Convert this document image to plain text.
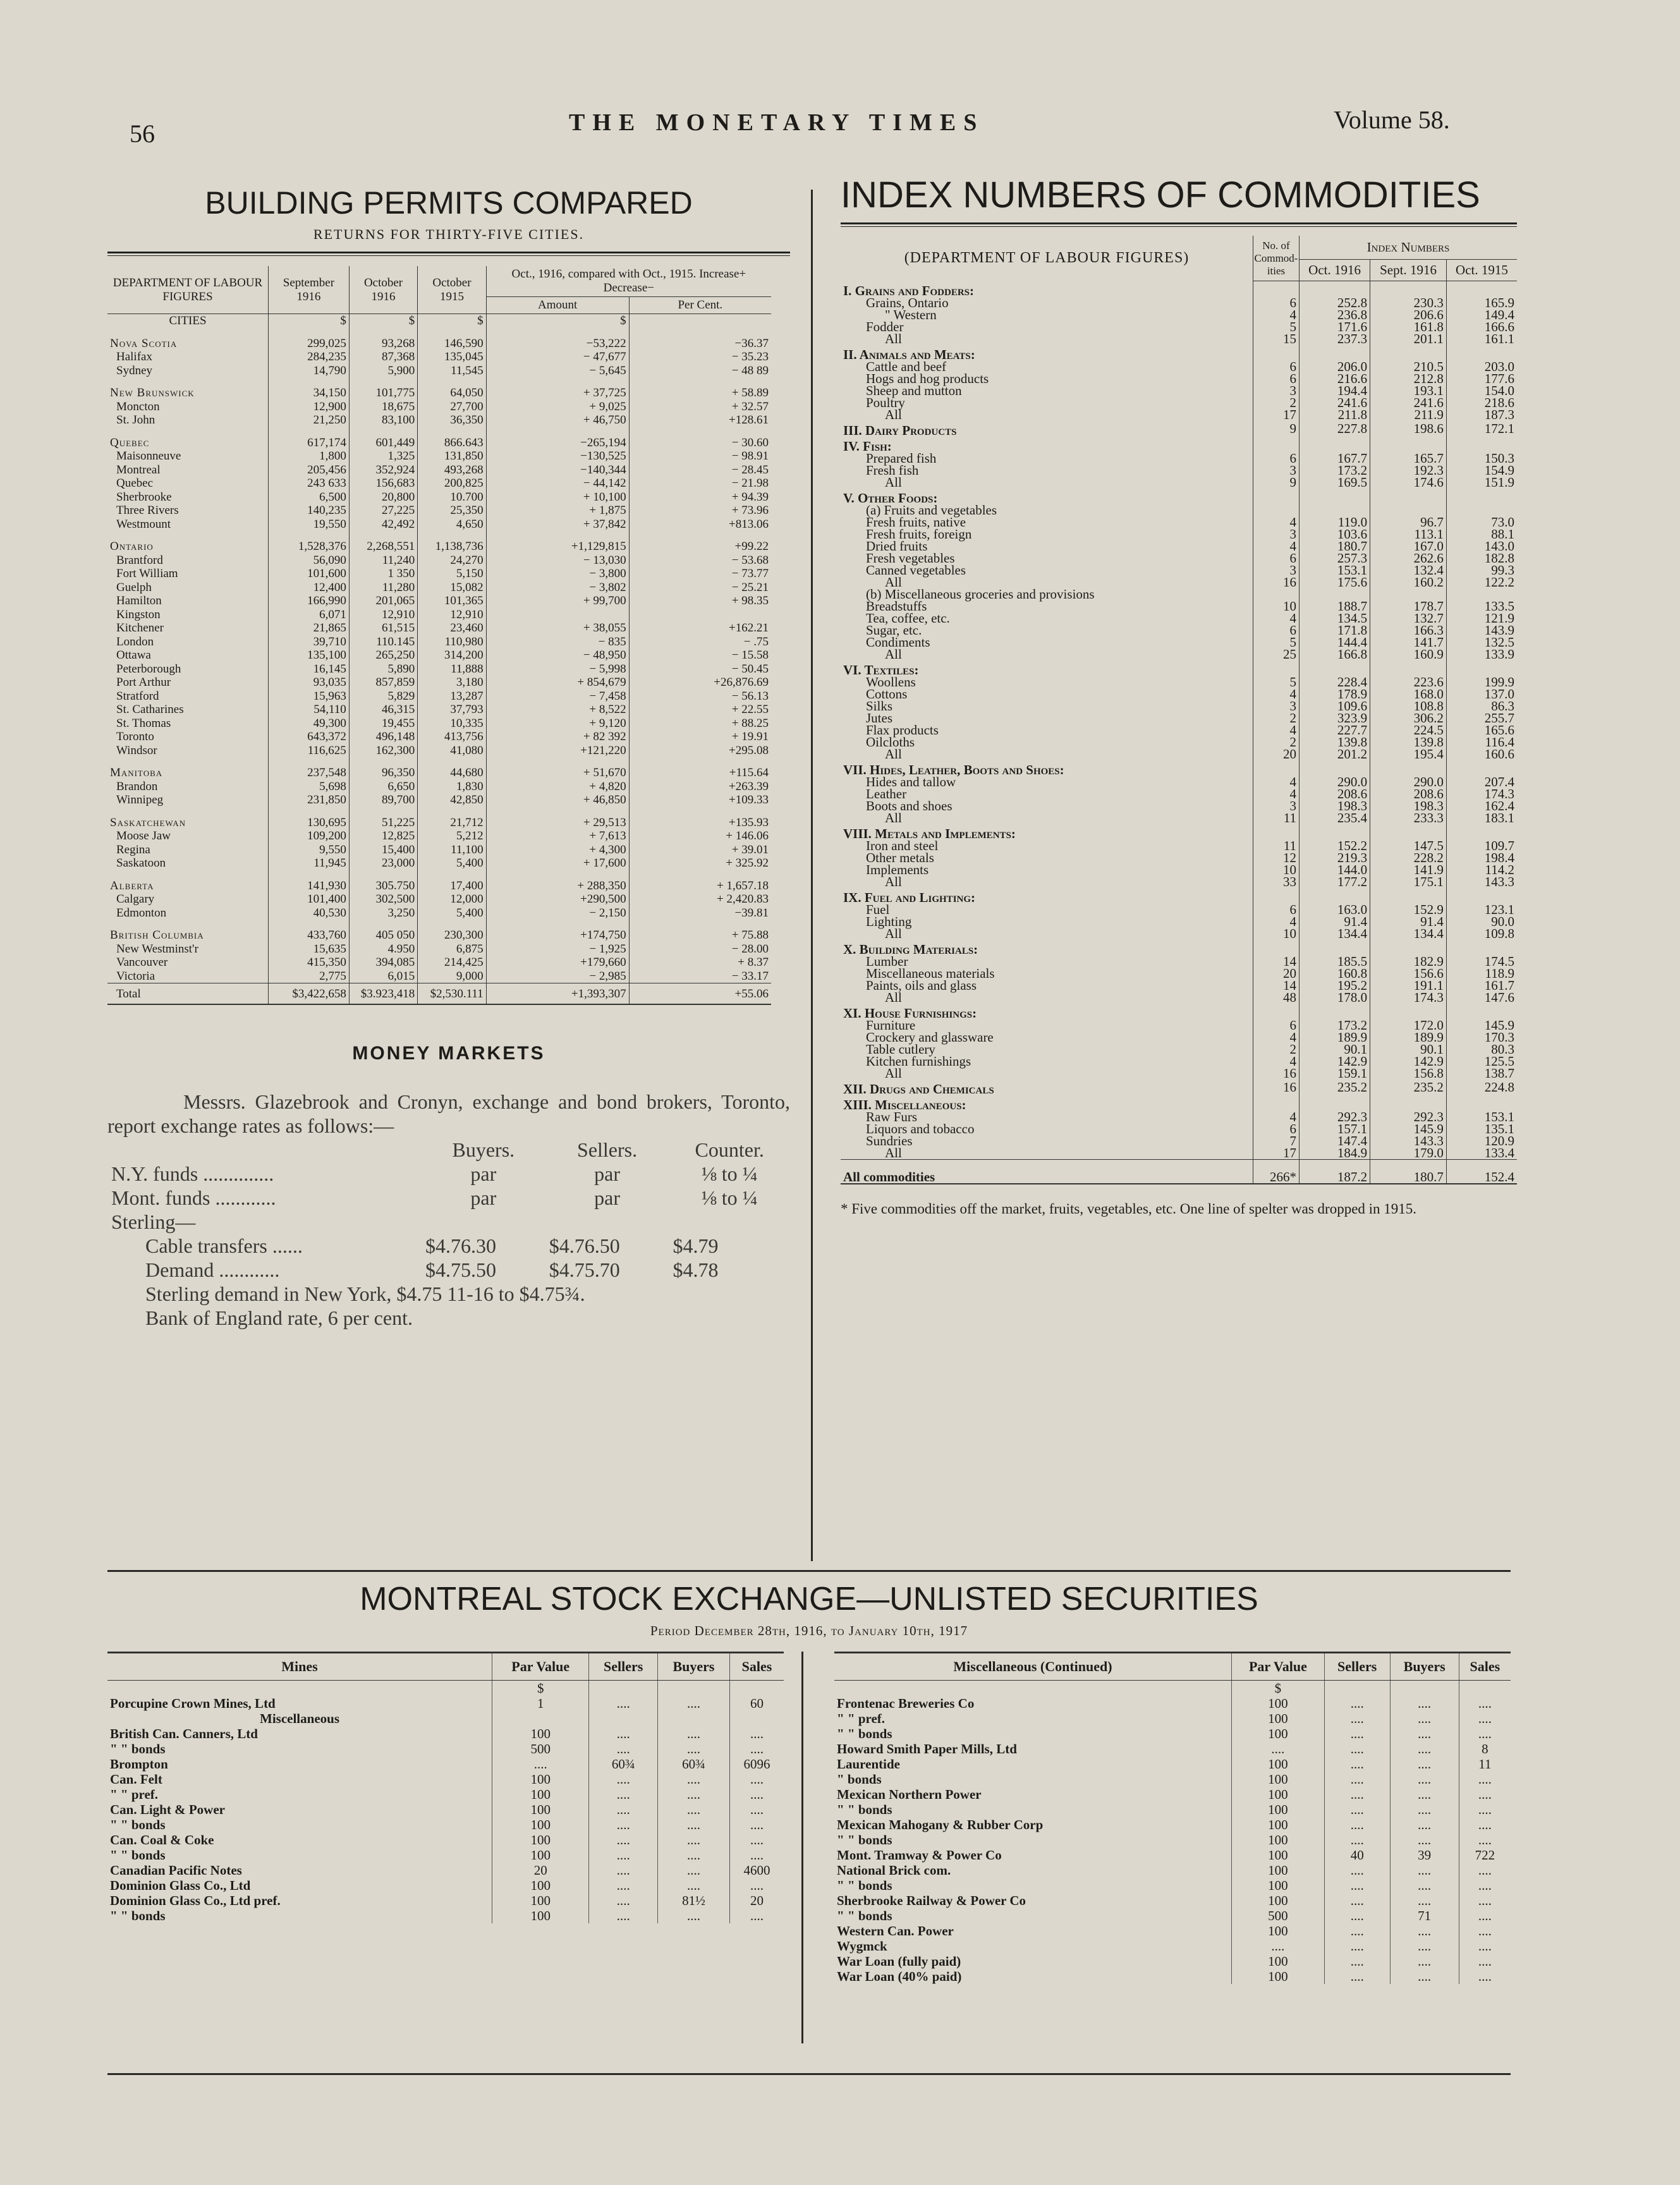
56	THE MONETARY TIMES	Volume 58.
BUILDING PERMITS COMPARED
RETURNS FOR THIRTY-FIVE CITIES.
DEPARTMENT OF LABOUR FIGURES	September 1916	October 1916	October 1915	Oct., 1916, compared with Oct., 1915. Increase+ Decrease−	
				Amount	Per Cent.
CITIES	$	$	$	$	
Nova Scotia	299,025	93,268	146,590	−53,222	−36.37
Halifax	284,235	87,368	135,045	− 47,677	− 35.23
Sydney	14,790	5,900	11,545	− 5,645	− 48 89
New Brunswick	34,150	101,775	64,050	+ 37,725	+ 58.89
Moncton	12,900	18,675	27,700	+ 9,025	+ 32.57
St. John	21,250	83,100	36,350	+ 46,750	+128.61
Quebec	617,174	601,449	866.643	−265,194	− 30.60
Maisonneuve	1,800	1,325	131,850	−130,525	− 98.91
Montreal	205,456	352,924	493,268	−140,344	− 28.45
Quebec	243 633	156,683	200,825	− 44,142	− 21.98
Sherbrooke	6,500	20,800	10.700	+ 10,100	+ 94.39
Three Rivers	140,235	27,225	25,350	+ 1,875	+ 73.96
Westmount	19,550	42,492	4,650	+ 37,842	+813.06
Ontario	1,528,376	2,268,551	1,138,736	+1,129,815	+99.22
Brantford	56,090	11,240	24,270	− 13,030	− 53.68
Fort William	101,600	1 350	5,150	− 3,800	− 73.77
Guelph	12,400	11,280	15,082	− 3,802	− 25.21
Hamilton	166,990	201,065	101,365	+ 99,700	+ 98.35
Kingston	6,071	12,910	12,910		
Kitchener	21,865	61,515	23,460	+ 38,055	+162.21
London	39,710	110.145	110,980	− 835	− .75
Ottawa	135,100	265,250	314,200	− 48,950	− 15.58
Peterborough	16,145	5,890	11,888	− 5,998	− 50.45
Port Arthur	93,035	857,859	3,180	+ 854,679	+26,876.69
Stratford	15,963	5,829	13,287	− 7,458	− 56.13
St. Catharines	54,110	46,315	37,793	+ 8,522	+ 22.55
St. Thomas	49,300	19,455	10,335	+ 9,120	+ 88.25
Toronto	643,372	496,148	413,756	+ 82 392	+ 19.91
Windsor	116,625	162,300	41,080	+121,220	+295.08
Manitoba	237,548	96,350	44,680	+ 51,670	+115.64
Brandon	5,698	6,650	1,830	+ 4,820	+263.39
Winnipeg	231,850	89,700	42,850	+ 46,850	+109.33
Saskatchewan	130,695	51,225	21,712	+ 29,513	+135.93
Moose Jaw	109,200	12,825	5,212	+ 7,613	+ 146.06
Regina	9,550	15,400	11,100	+ 4,300	+ 39.01
Saskatoon	11,945	23,000	5,400	+ 17,600	+ 325.92
Alberta	141,930	305.750	17,400	+ 288,350	+ 1,657.18
Calgary	101,400	302,500	12,000	+290,500	+ 2,420.83
Edmonton	40,530	3,250	5,400	− 2,150	−39.81
British Columbia	433,760	405 050	230,300	+174,750	+ 75.88
New Westminst'r	15,635	4.950	6,875	− 1,925	− 28.00
Vancouver	415,350	394,085	214,425	+179,660	+ 8.37
Victoria	2,775	6,015	9,000	− 2,985	− 33.17
Total	$3,422,658	$3.923,418	$2,530.111	+1,393,307	+55.06
MONEY MARKETS
Messrs. Glazebrook and Cronyn, exchange and bond brokers, Toronto, report exchange rates as follows:—
	Buyers.	Sellers.	Counter.
N.Y. funds ..............	par	par	⅛ to ¼
Mont. funds ............	par	par	⅛ to ¼
Sterling—			
Cable transfers ......	$4.76.30	$4.76.50	$4.79
Demand ............	$4.75.50	$4.75.70	$4.78
Sterling demand in New York, $4.75 11-16 to $4.75¾.
Bank of England rate, 6 per cent.
INDEX NUMBERS OF COMMODITIES
(DEPARTMENT OF LABOUR FIGURES)	No. of Commod-ities	Index Numbers		
		Oct. 1916	Sept. 1916	Oct. 1915
I. Grains and Fodders:				
Grains, Ontario	6	252.8	230.3	165.9
" Western	4	236.8	206.6	149.4
Fodder	5	171.6	161.8	166.6
All	15	237.3	201.1	161.1
II. Animals and Meats:				
Cattle and beef	6	206.0	210.5	203.0
Hogs and hog products	6	216.6	212.8	177.6
Sheep and mutton	3	194.4	193.1	154.0
Poultry	2	241.6	241.6	218.6
All	17	211.8	211.9	187.3
III. Dairy Products	9	227.8	198.6	172.1
IV. Fish:				
Prepared fish	6	167.7	165.7	150.3
Fresh fish	3	173.2	192.3	154.9
All	9	169.5	174.6	151.9
V. Other Foods:				
(a) Fruits and vegetables				
Fresh fruits, native	4	119.0	96.7	73.0
Fresh fruits, foreign	3	103.6	113.1	88.1
Dried fruits	4	180.7	167.0	143.0
Fresh vegetables	6	257.3	262.6	182.8
Canned vegetables	3	153.1	132.4	99.3
All	16	175.6	160.2	122.2
(b) Miscellaneous groceries and provisions				
Breadstuffs	10	188.7	178.7	133.5
Tea, coffee, etc.	4	134.5	132.7	121.9
Sugar, etc.	6	171.8	166.3	143.9
Condiments	5	144.4	141.7	132.5
All	25	166.8	160.9	133.9
VI. Textiles:				
Woollens	5	228.4	223.6	199.9
Cottons	4	178.9	168.0	137.0
Silks	3	109.6	108.8	86.3
Jutes	2	323.9	306.2	255.7
Flax products	4	227.7	224.5	165.6
Oilcloths	2	139.8	139.8	116.4
All	20	201.2	195.4	160.6
VII. Hides, Leather, Boots and Shoes:				
Hides and tallow	4	290.0	290.0	207.4
Leather	4	208.6	208.6	174.3
Boots and shoes	3	198.3	198.3	162.4
All	11	235.4	233.3	183.1
VIII. Metals and Implements:				
Iron and steel	11	152.2	147.5	109.7
Other metals	12	219.3	228.2	198.4
Implements	10	144.0	141.9	114.2
All	33	177.2	175.1	143.3
IX. Fuel and Lighting:				
Fuel	6	163.0	152.9	123.1
Lighting	4	91.4	91.4	90.0
All	10	134.4	134.4	109.8
X. Building Materials:				
Lumber	14	185.5	182.9	174.5
Miscellaneous materials	20	160.8	156.6	118.9
Paints, oils and glass	14	195.2	191.1	161.7
All	48	178.0	174.3	147.6
XI. House Furnishings:				
Furniture	6	173.2	172.0	145.9
Crockery and glassware	4	189.9	189.9	170.3
Table cutlery	2	90.1	90.1	80.3
Kitchen furnishings	4	142.9	142.9	125.5
All	16	159.1	156.8	138.7
XII. Drugs and Chemicals	16	235.2	235.2	224.8
XIII. Miscellaneous:				
Raw Furs	4	292.3	292.3	153.1
Liquors and tobacco	6	157.1	145.9	135.1
Sundries	7	147.4	143.3	120.9
All	17	184.9	179.0	133.4
All commodities	266*	187.2	180.7	152.4
* Five commodities off the market, fruits, vegetables, etc. One line of spelter was dropped in 1915.
MONTREAL STOCK EXCHANGE—UNLISTED SECURITIES
Period December 28th, 1916, to January 10th, 1917
Mines	Par Value	Sellers	Buyers	Sales
	$			
Porcupine Crown Mines, Ltd	1	....	....	60
Miscellaneous				
British Can. Canners, Ltd	100	....	....	....
" " bonds	500	....	....	....
Brompton	....	60¾	60¾	6096
Can. Felt	100	....	....	....
" " pref.	100	....	....	....
Can. Light & Power	100	....	....	....
" " bonds	100	....	....	....
Can. Coal & Coke	100	....	....	....
" " bonds	100	....	....	....
Canadian Pacific Notes	20	....	....	4600
Dominion Glass Co., Ltd	100	....	....	....
Dominion Glass Co., Ltd pref.	100	....	81½	20
" " bonds	100	....	....	....
Miscellaneous (Continued)	Par Value	Sellers	Buyers	Sales
	$			
Frontenac Breweries Co	100	....	....	....
" " pref.	100	....	....	....
" " bonds	100	....	....	....
Howard Smith Paper Mills, Ltd	....	....	....	8
Laurentide	100	....	....	11
" bonds	100	....	....	....
Mexican Northern Power	100	....	....	....
" " bonds	100	....	....	....
Mexican Mahogany & Rubber Corp	100	....	....	....
" " bonds	100	....	....	....
Mont. Tramway & Power Co	100	40	39	722
National Brick com.	100	....	....	....
" " bonds	100	....	....	....
Sherbrooke Railway & Power Co	100	....	....	....
" " bonds	500	....	71	....
Western Can. Power	100	....	....	....
Wygmck	....	....	....	....
War Loan (fully paid)	100	....	....	....
War Loan (40% paid)	100	....	....	....
